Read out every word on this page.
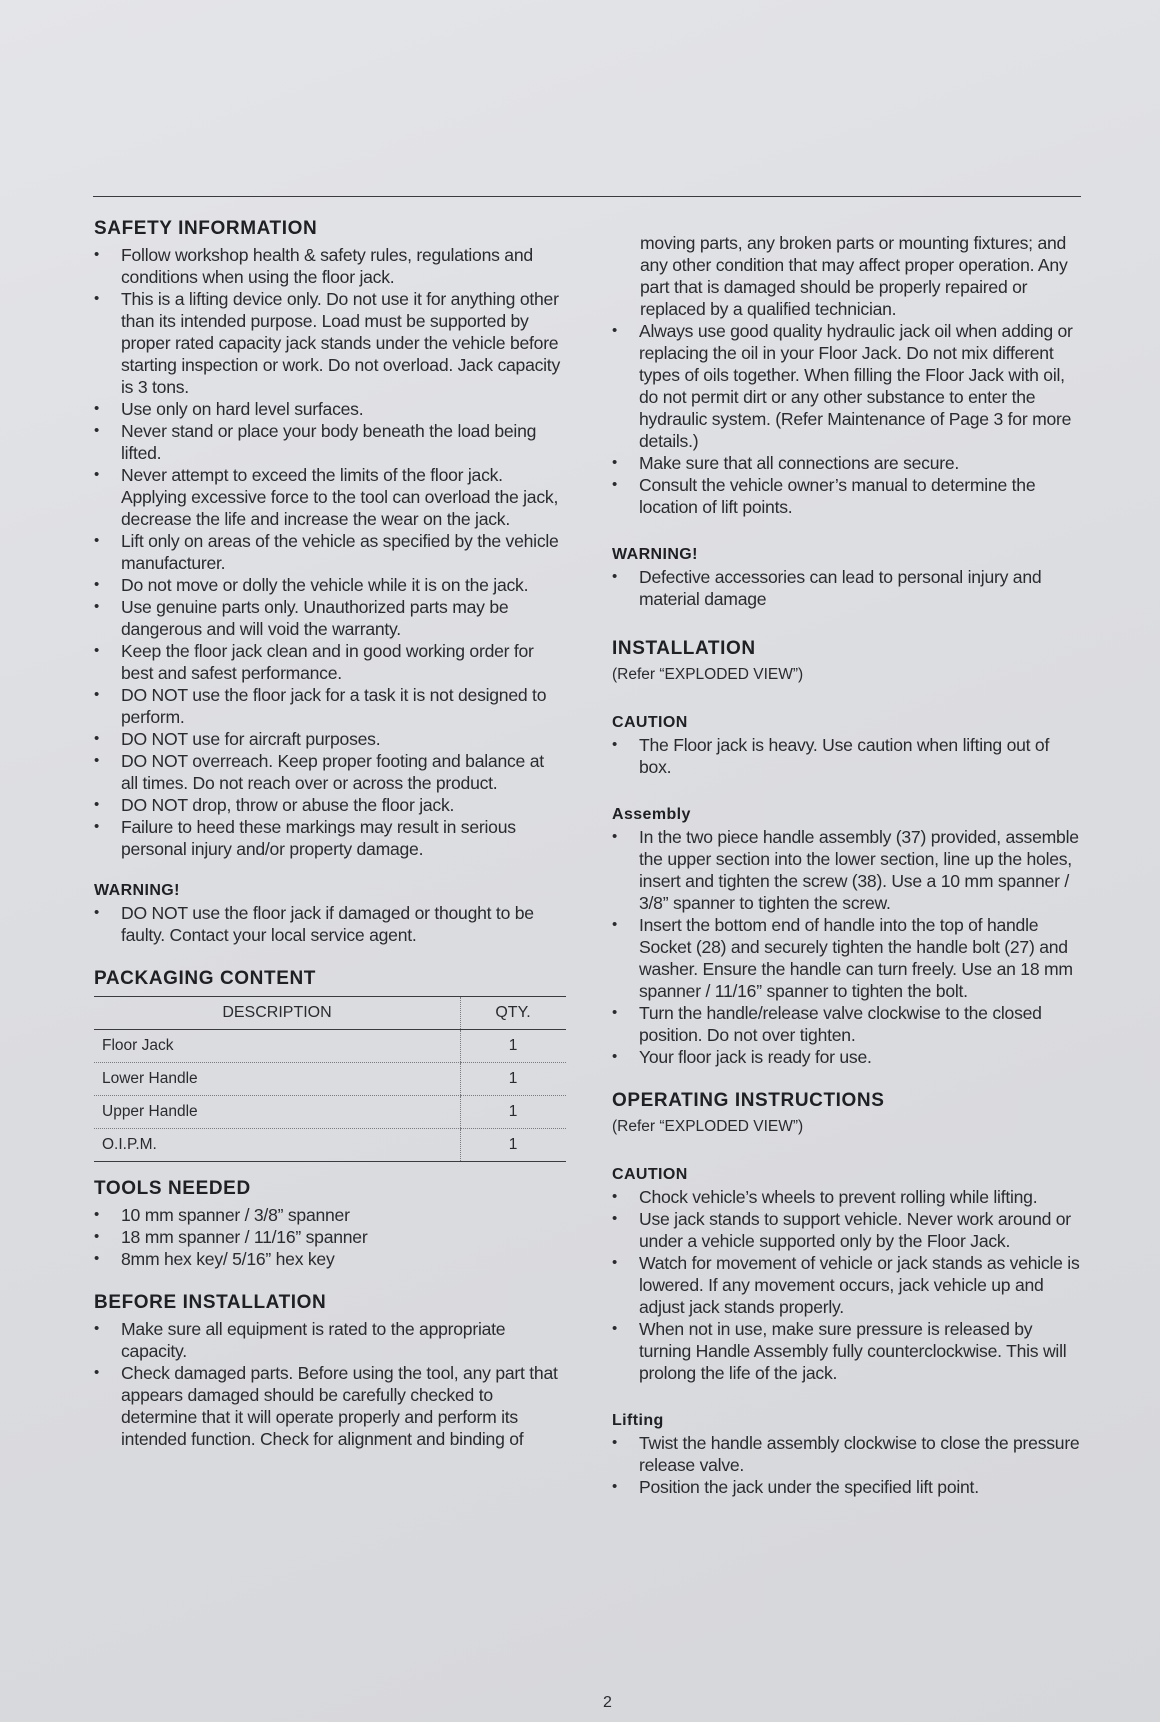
SAFETY INFORMATION
• Follow workshop health & safety rules, regulations and conditions when using the floor jack.
• This is a lifting device only. Do not use it for anything other than its intended purpose. Load must be supported by proper rated capacity jack stands under the vehicle before starting inspection or work. Do not overload. Jack capacity is 3 tons.
• Use only on hard level surfaces.
• Never stand or place your body beneath the load being lifted.
• Never attempt to exceed the limits of the floor jack. Applying excessive force to the tool can overload the jack, decrease the life and increase the wear on the jack.
• Lift only on areas of the vehicle as specified by the vehicle manufacturer.
• Do not move or dolly the vehicle while it is on the jack.
• Use genuine parts only. Unauthorized parts may be dangerous and will void the warranty.
• Keep the floor jack clean and in good working order for best and safest performance.
• DO NOT use the floor jack for a task it is not designed to perform.
• DO NOT use for aircraft purposes.
• DO NOT overreach. Keep proper footing and balance at all times. Do not reach over or across the product.
• DO NOT drop, throw or abuse the floor jack.
• Failure to heed these markings may result in serious personal injury and/or property damage.
WARNING!
• DO NOT use the floor jack if damaged or thought to be faulty. Contact your local service agent.
PACKAGING CONTENT
DESCRIPTION	QTY.
Floor Jack	1
Lower Handle	1
Upper Handle	1
O.I.P.M.	1
TOOLS NEEDED
• 10 mm spanner / 3/8” spanner
• 18 mm spanner / 11/16” spanner
• 8mm hex key/ 5/16” hex key
BEFORE INSTALLATION
• Make sure all equipment is rated to the appropriate capacity.
• Check damaged parts. Before using the tool, any part that appears damaged should be carefully checked to determine that it will operate properly and perform its intended function. Check for alignment and binding of
moving parts, any broken parts or mounting fixtures; and any other condition that may affect proper operation. Any part that is damaged should be properly repaired or replaced by a qualified technician.
• Always use good quality hydraulic jack oil when adding or replacing the oil in your Floor Jack. Do not mix different types of oils together. When filling the Floor Jack with oil, do not permit dirt or any other substance to enter the hydraulic system. (Refer Maintenance of Page 3 for more details.)
• Make sure that all connections are secure.
• Consult the vehicle owner’s manual to determine the location of lift points.
WARNING!
• Defective accessories can lead to personal injury and material damage
INSTALLATION
(Refer “EXPLODED VIEW”)
CAUTION
• The Floor jack is heavy. Use caution when lifting out of box.
Assembly
• In the two piece handle assembly (37) provided, assemble the upper section into the lower section, line up the holes, insert and tighten the screw (38). Use a 10 mm spanner / 3/8” spanner to tighten the screw.
• Insert the bottom end of handle into the top of handle Socket (28) and securely tighten the handle bolt (27) and washer. Ensure the handle can turn freely. Use an 18 mm spanner / 11/16” spanner to tighten the bolt.
• Turn the handle/release valve clockwise to the closed position. Do not over tighten.
• Your floor jack is ready for use.
OPERATING INSTRUCTIONS
(Refer “EXPLODED VIEW”)
CAUTION
• Chock vehicle’s wheels to prevent rolling while lifting.
• Use jack stands to support vehicle. Never work around or under a vehicle supported only by the Floor Jack.
• Watch for movement of vehicle or jack stands as vehicle is lowered. If any movement occurs, jack vehicle up and adjust jack stands properly.
• When not in use, make sure pressure is released by turning Handle Assembly fully counterclockwise. This will prolong the life of the jack.
Lifting
• Twist the handle assembly clockwise to close the pressure release valve.
• Position the jack under the specified lift point.
2
